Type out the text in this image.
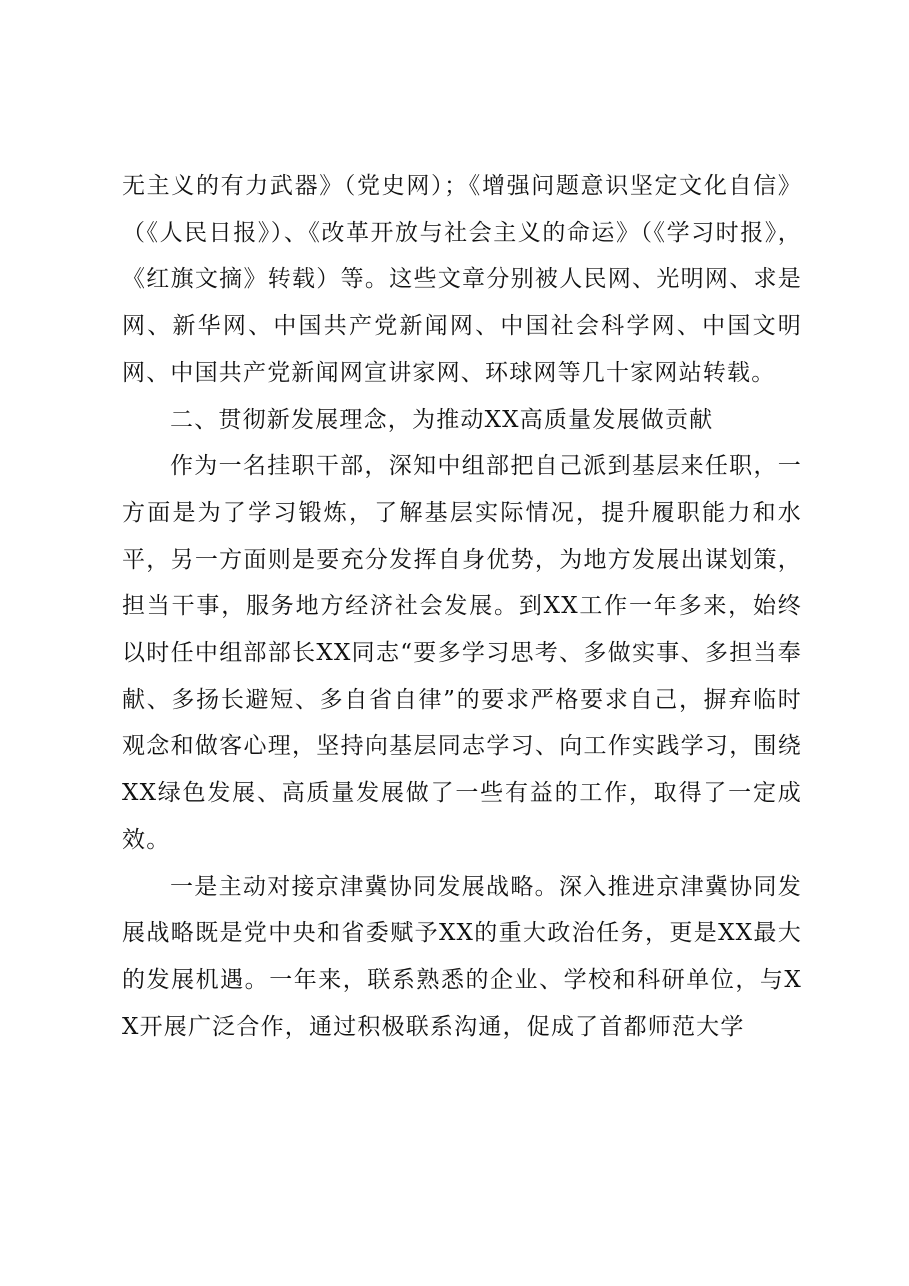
无主义的有力武器》（党史网）；《增强问题意识坚定文化自信》（《人民日报》）、《改革开放与社会主义的命运》（《学习时报》，《红旗文摘》转载）等。这些文章分别被人民网、光明网、求是网、新华网、中国共产党新闻网、中国社会科学网、中国文明网、中国共产党新闻网宣讲家网、环球网等几十家网站转载。

二、贯彻新发展理念，为推动XX高质量发展做贡献

作为一名挂职干部，深知中组部把自己派到基层来任职，一方面是为了学习锻炼，了解基层实际情况，提升履职能力和水平，另一方面则是要充分发挥自身优势，为地方发展出谋划策，担当干事，服务地方经济社会发展。到XX工作一年多来，始终以时任中组部部长XX同志“要多学习思考、多做实事、多担当奉献、多扬长避短、多自省自律”的要求严格要求自己，摒弃临时观念和做客心理，坚持向基层同志学习、向工作实践学习，围绕XX绿色发展、高质量发展做了一些有益的工作，取得了一定成效。

一是主动对接京津冀协同发展战略。深入推进京津冀协同发展战略既是党中央和省委赋予XX的重大政治任务，更是XX最大的发展机遇。一年来，联系熟悉的企业、学校和科研单位，与XX开展广泛合作，通过积极联系沟通，促成了首都师范大学
